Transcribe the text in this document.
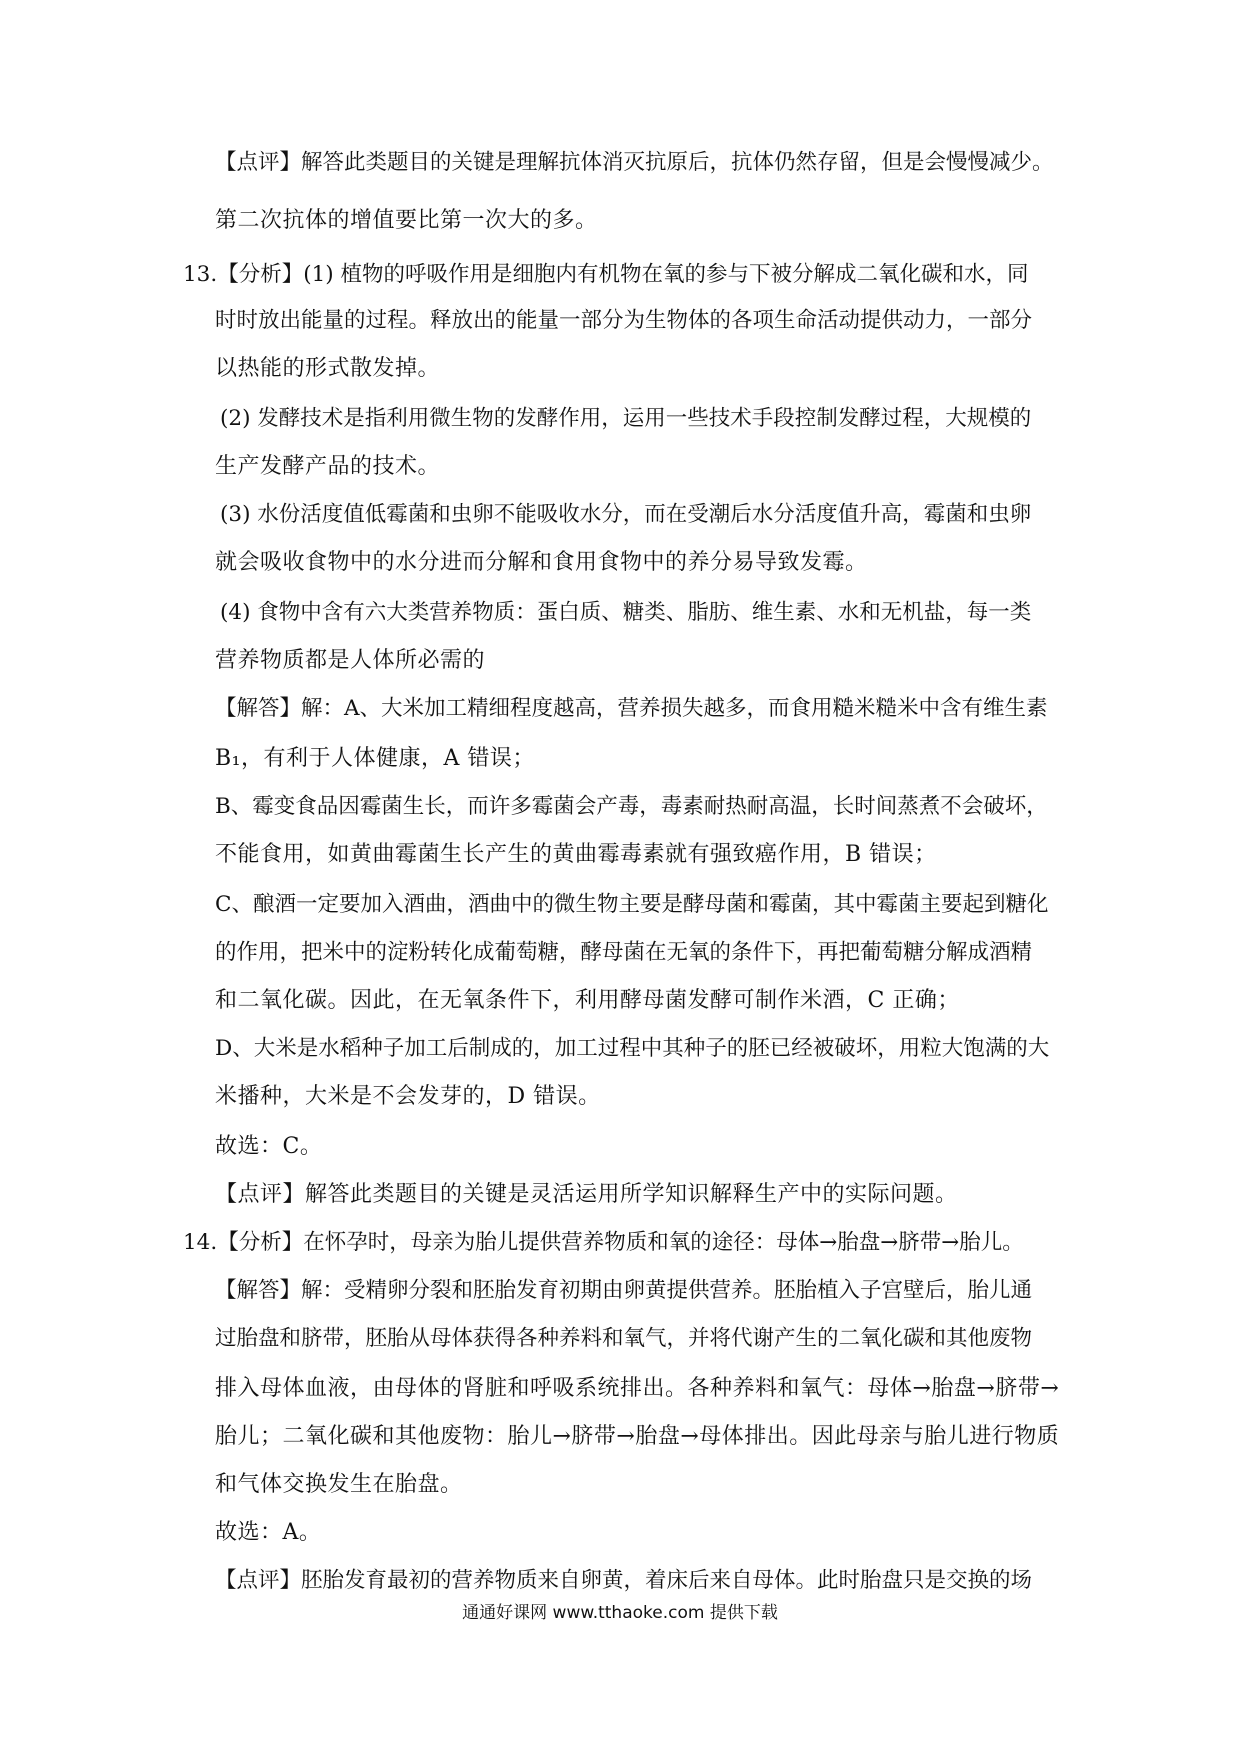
【点评】解答此类题目的关键是理解抗体消灭抗原后，抗体仍然存留，但是会慢慢减少。
第二次抗体的增值要比第一次大的多。
13.【分析】(1) 植物的呼吸作用是细胞内有机物在氧的参与下被分解成二氧化碳和水，同
时时放出能量的过程。释放出的能量一部分为生物体的各项生命活动提供动力，一部分
以热能的形式散发掉。
(2) 发酵技术是指利用微生物的发酵作用，运用一些技术手段控制发酵过程，大规模的
生产发酵产品的技术。
(3) 水份活度值低霉菌和虫卵不能吸收水分，而在受潮后水分活度值升高，霉菌和虫卵
就会吸收食物中的水分进而分解和食用食物中的养分易导致发霉。
(4) 食物中含有六大类营养物质：蛋白质、糖类、脂肪、维生素、水和无机盐，每一类
营养物质都是人体所必需的
【解答】解：A、大米加工精细程度越高，营养损失越多，而食用糙米糙米中含有维生素
B₁，有利于人体健康，A 错误；
B、霉变食品因霉菌生长，而许多霉菌会产毒，毒素耐热耐高温，长时间蒸煮不会破坏，
不能食用，如黄曲霉菌生长产生的黄曲霉毒素就有强致癌作用，B 错误；
C、酿酒一定要加入酒曲，酒曲中的微生物主要是酵母菌和霉菌，其中霉菌主要起到糖化
的作用，把米中的淀粉转化成葡萄糖，酵母菌在无氧的条件下，再把葡萄糖分解成酒精
和二氧化碳。因此，在无氧条件下，利用酵母菌发酵可制作米酒，C 正确；
D、大米是水稻种子加工后制成的，加工过程中其种子的胚已经被破坏，用粒大饱满的大
米播种，大米是不会发芽的，D 错误。
故选：C。
【点评】解答此类题目的关键是灵活运用所学知识解释生产中的实际问题。
14.【分析】在怀孕时，母亲为胎儿提供营养物质和氧的途径：母体→胎盘→脐带→胎儿。
【解答】解：受精卵分裂和胚胎发育初期由卵黄提供营养。胚胎植入子宫壁后，胎儿通
过胎盘和脐带，胚胎从母体获得各种养料和氧气，并将代谢产生的二氧化碳和其他废物
排入母体血液，由母体的肾脏和呼吸系统排出。各种养料和氧气：母体→胎盘→脐带→
胎儿；二氧化碳和其他废物：胎儿→脐带→胎盘→母体排出。因此母亲与胎儿进行物质
和气体交换发生在胎盘。
故选：A。
【点评】胚胎发育最初的营养物质来自卵黄，着床后来自母体。此时胎盘只是交换的场
通通好课网 www.tthaoke.com 提供下载
